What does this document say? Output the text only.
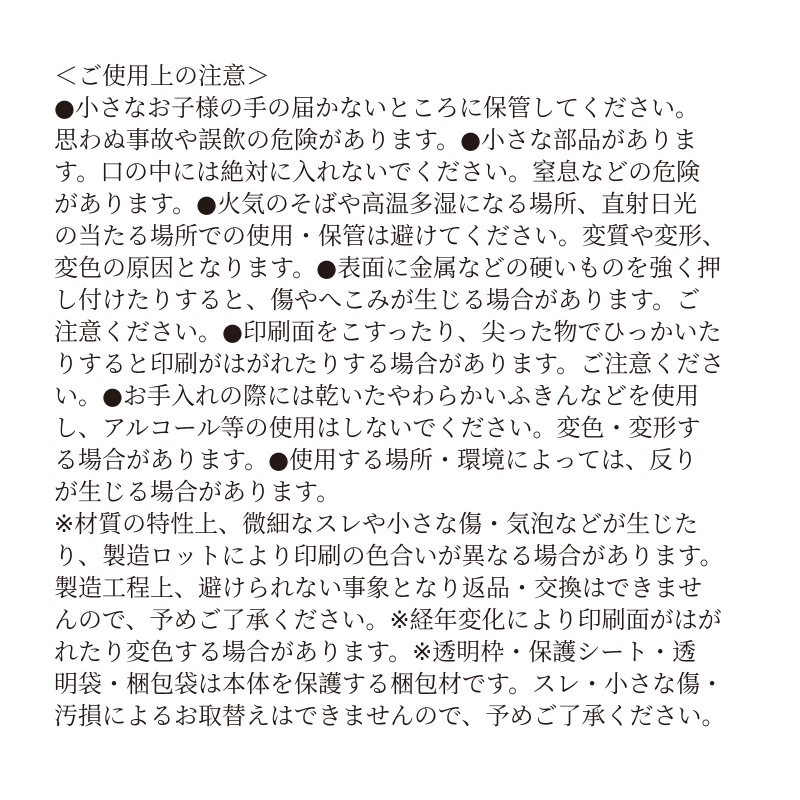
＜ご使用上の注意＞
●小さなお子様の手の届かないところに保管してください。
思わぬ事故や誤飲の危険があります。●小さな部品がありま
す。口の中には絶対に入れないでください。窒息などの危険
があります。●火気のそばや高温多湿になる場所、直射日光
の当たる場所での使用・保管は避けてください。変質や変形、
変色の原因となります。●表面に金属などの硬いものを強く押
し付けたりすると、傷やへこみが生じる場合があります。ご
注意ください。●印刷面をこすったり、尖った物でひっかいた
りすると印刷がはがれたりする場合があります。ご注意くださ
い。●お手入れの際には乾いたやわらかいふきんなどを使用
し、アルコール等の使用はしないでください。変色・変形す
る場合があります。●使用する場所・環境によっては、反り
が生じる場合があります。
※材質の特性上、微細なスレや小さな傷・気泡などが生じた
り、製造ロットにより印刷の色合いが異なる場合があります。
製造工程上、避けられない事象となり返品・交換はできませ
んので、予めご了承ください。※経年変化により印刷面がはが
れたり変色する場合があります。※透明枠・保護シート・透
明袋・梱包袋は本体を保護する梱包材です。スレ・小さな傷・
汚損によるお取替えはできませんので、予めご了承ください。
